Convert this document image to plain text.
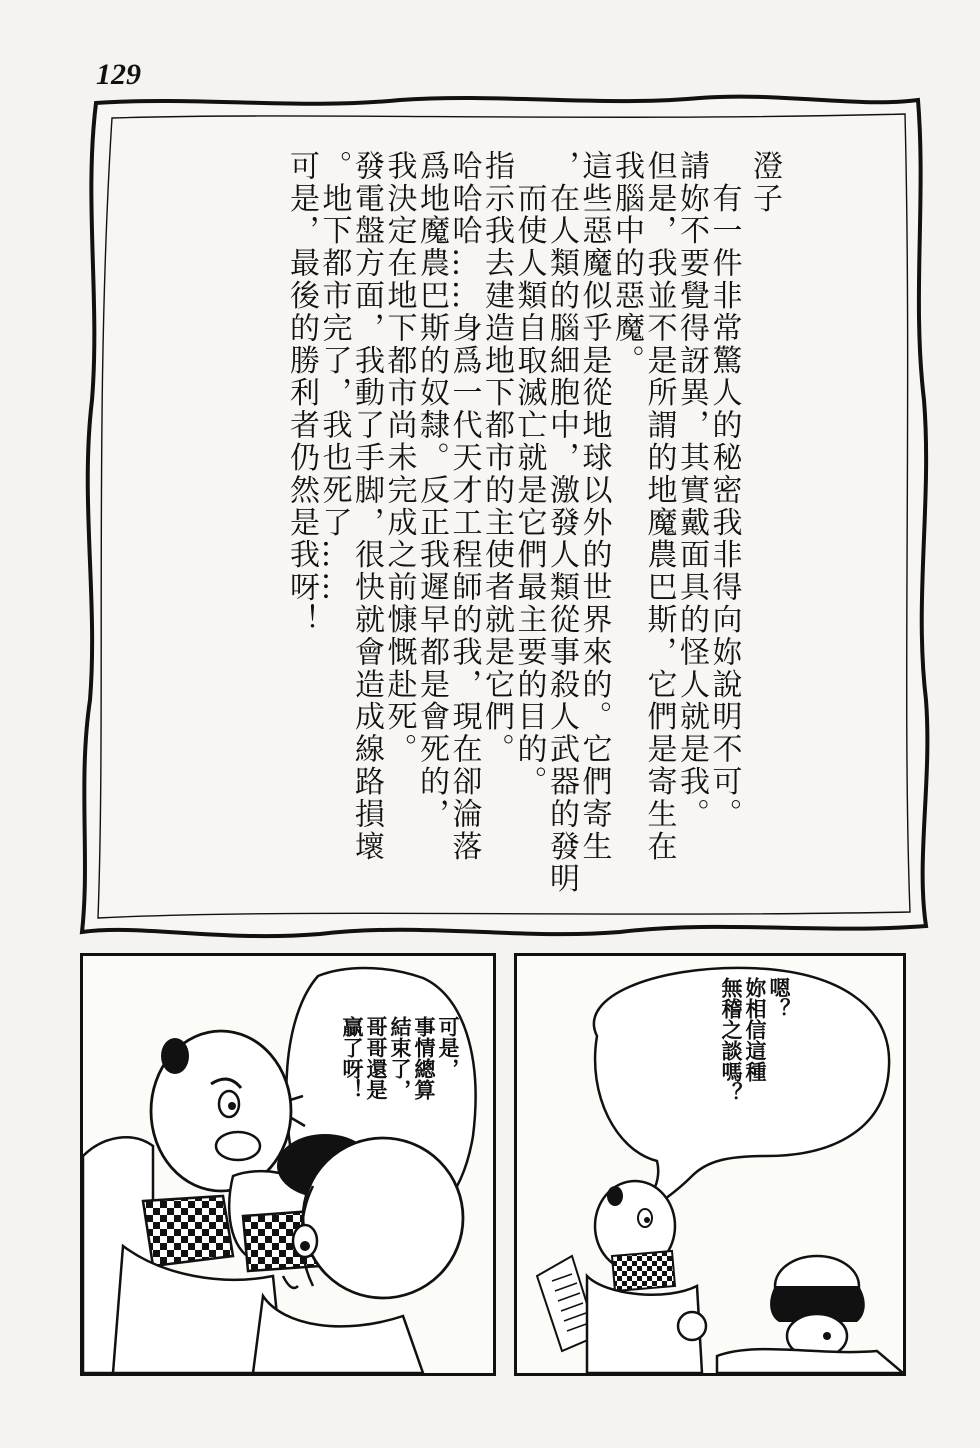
129

澄子

　有一件非常驚人的秘密我非得向妳說明不可。

請妳不要覺得訝異，其實戴面具的怪人就是我。

但是，我並不是所謂的地魔農巴斯，它們是寄生在

我腦中的惡魔。

這些惡魔似乎是從地球以外的世界來的。它們寄生

，在人類的腦細胞中，激發人類從事殺人武器的發明

　而使人類自取滅亡就是它們最主要的目的。

指示我去建造地下都市的主使者就是它們。

哈哈哈……身爲一代天才工程師的我，現在卻淪落

爲地魔農巴斯的奴隸。反正我遲早都是會死的，

我決定在地下都市尚未完成之前慷慨赴死。

發電盤方面，我動了手脚，很快就會造成線路損壞

。地下都市完了，我也死了……

可是，最後的勝利者仍然是我呀！

可是，

事情總算

結束了，

哥哥還是

贏了呀！

嗯？

妳相信這種

無稽之談嗎？
